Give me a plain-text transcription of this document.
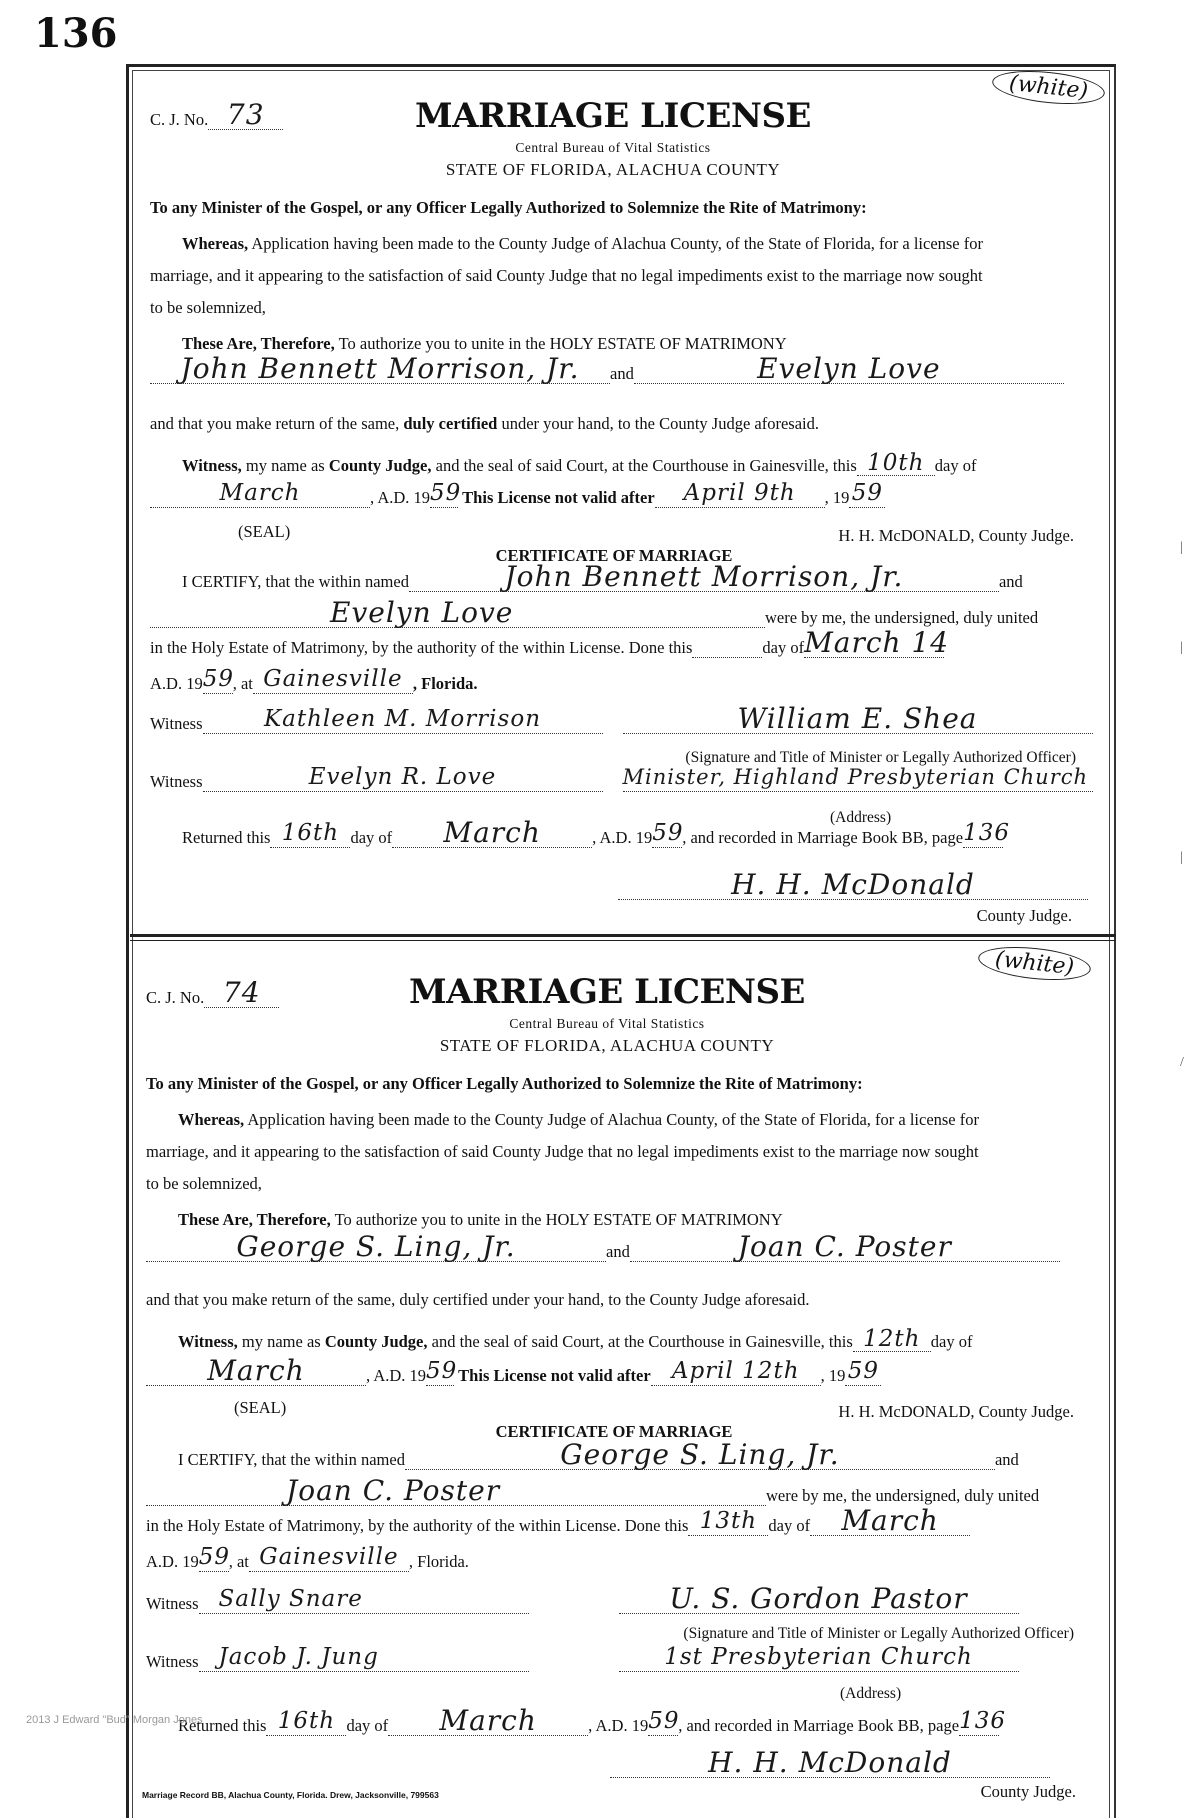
136
|
|
|
/
C. J. No. 73
(white)
MARRIAGE LICENSE
Central Bureau of Vital Statistics
STATE OF FLORIDA, ALACHUA COUNTY
To any Minister of the Gospel, or any Officer Legally Authorized to Solemnize the Rite of Matrimony:
Whereas, Application having been made to the County Judge of Alachua County, of the State of Florida, for a license for
marriage, and it appearing to the satisfaction of said County Judge that no legal impediments exist to the marriage now sought
to be solemnized,
These Are, Therefore, To authorize you to unite in the HOLY ESTATE OF MATRIMONY
John Bennett Morrison, Jr. and	Evelyn Love
and that you make return of the same, duly certified under your hand, to the County Judge aforesaid.
Witness, my name as County Judge, and the seal of said Court, at the Courthouse in Gainesville, this 10th day of
March	, A.D. 1959 This License not valid after April 9th , 19 59
(SEAL)	H. H. McDONALD, County Judge.
CERTIFICATE OF MARRIAGE
I CERTIFY, that the within named	John Bennett Morrison, Jr.	and
Evelyn Love	were by me, the undersigned, duly united
in the Holy Estate of Matrimony, by the authority of the within License. Done this	day ofMarch 14
A.D. 1959, at Gainesville , Florida.
Witness	Kathleen M. Morrison	William E. Shea
(Signature and Title of Minister or Legally Authorized Officer)
Witness	Evelyn R. Love	Minister, Highland Presbyterian Church
(Address)
Returned this 16th day of March	, A.D. 1959, and recorded in Marriage Book BB, page136
H. H. McDonald
County Judge.
C. J. No. 74
(white)
MARRIAGE LICENSE
Central Bureau of Vital Statistics
STATE OF FLORIDA, ALACHUA COUNTY
To any Minister of the Gospel, or any Officer Legally Authorized to Solemnize the Rite of Matrimony:
Whereas, Application having been made to the County Judge of Alachua County, of the State of Florida, for a license for
marriage, and it appearing to the satisfaction of said County Judge that no legal impediments exist to the marriage now sought
to be solemnized,
These Are, Therefore, To authorize you to unite in the HOLY ESTATE OF MATRIMONY
George S. Ling, Jr.	and	Joan C. Poster
and that you make return of the same, duly certified under your hand, to the County Judge aforesaid.
Witness, my name as County Judge, and the seal of said Court, at the Courthouse in Gainesville, this 12th day of
March	, A.D. 1959 This License not valid after April 12th , 19 59
(SEAL)	H. H. McDONALD, County Judge.
CERTIFICATE OF MARRIAGE
I CERTIFY, that the within named	George S. Ling, Jr.	and
Joan C. Poster	were by me, the undersigned, duly united
in the Holy Estate of Matrimony, by the authority of the within License. Done this 13th day of March
A.D. 1959, at Gainesville , Florida.
Witness Sally Snare	U. S. Gordon Pastor
(Signature and Title of Minister or Legally Authorized Officer)
Witness Jacob J. Jung	1st Presbyterian Church
(Address)
Returned this 16th day of March	, A.D. 1959, and recorded in Marriage Book BB, page136
H. H. McDonald
County Judge.
Marriage Record BB, Alachua County, Florida. Drew, Jacksonville, 799563
2013 J Edward "Bud" Morgan Jones
